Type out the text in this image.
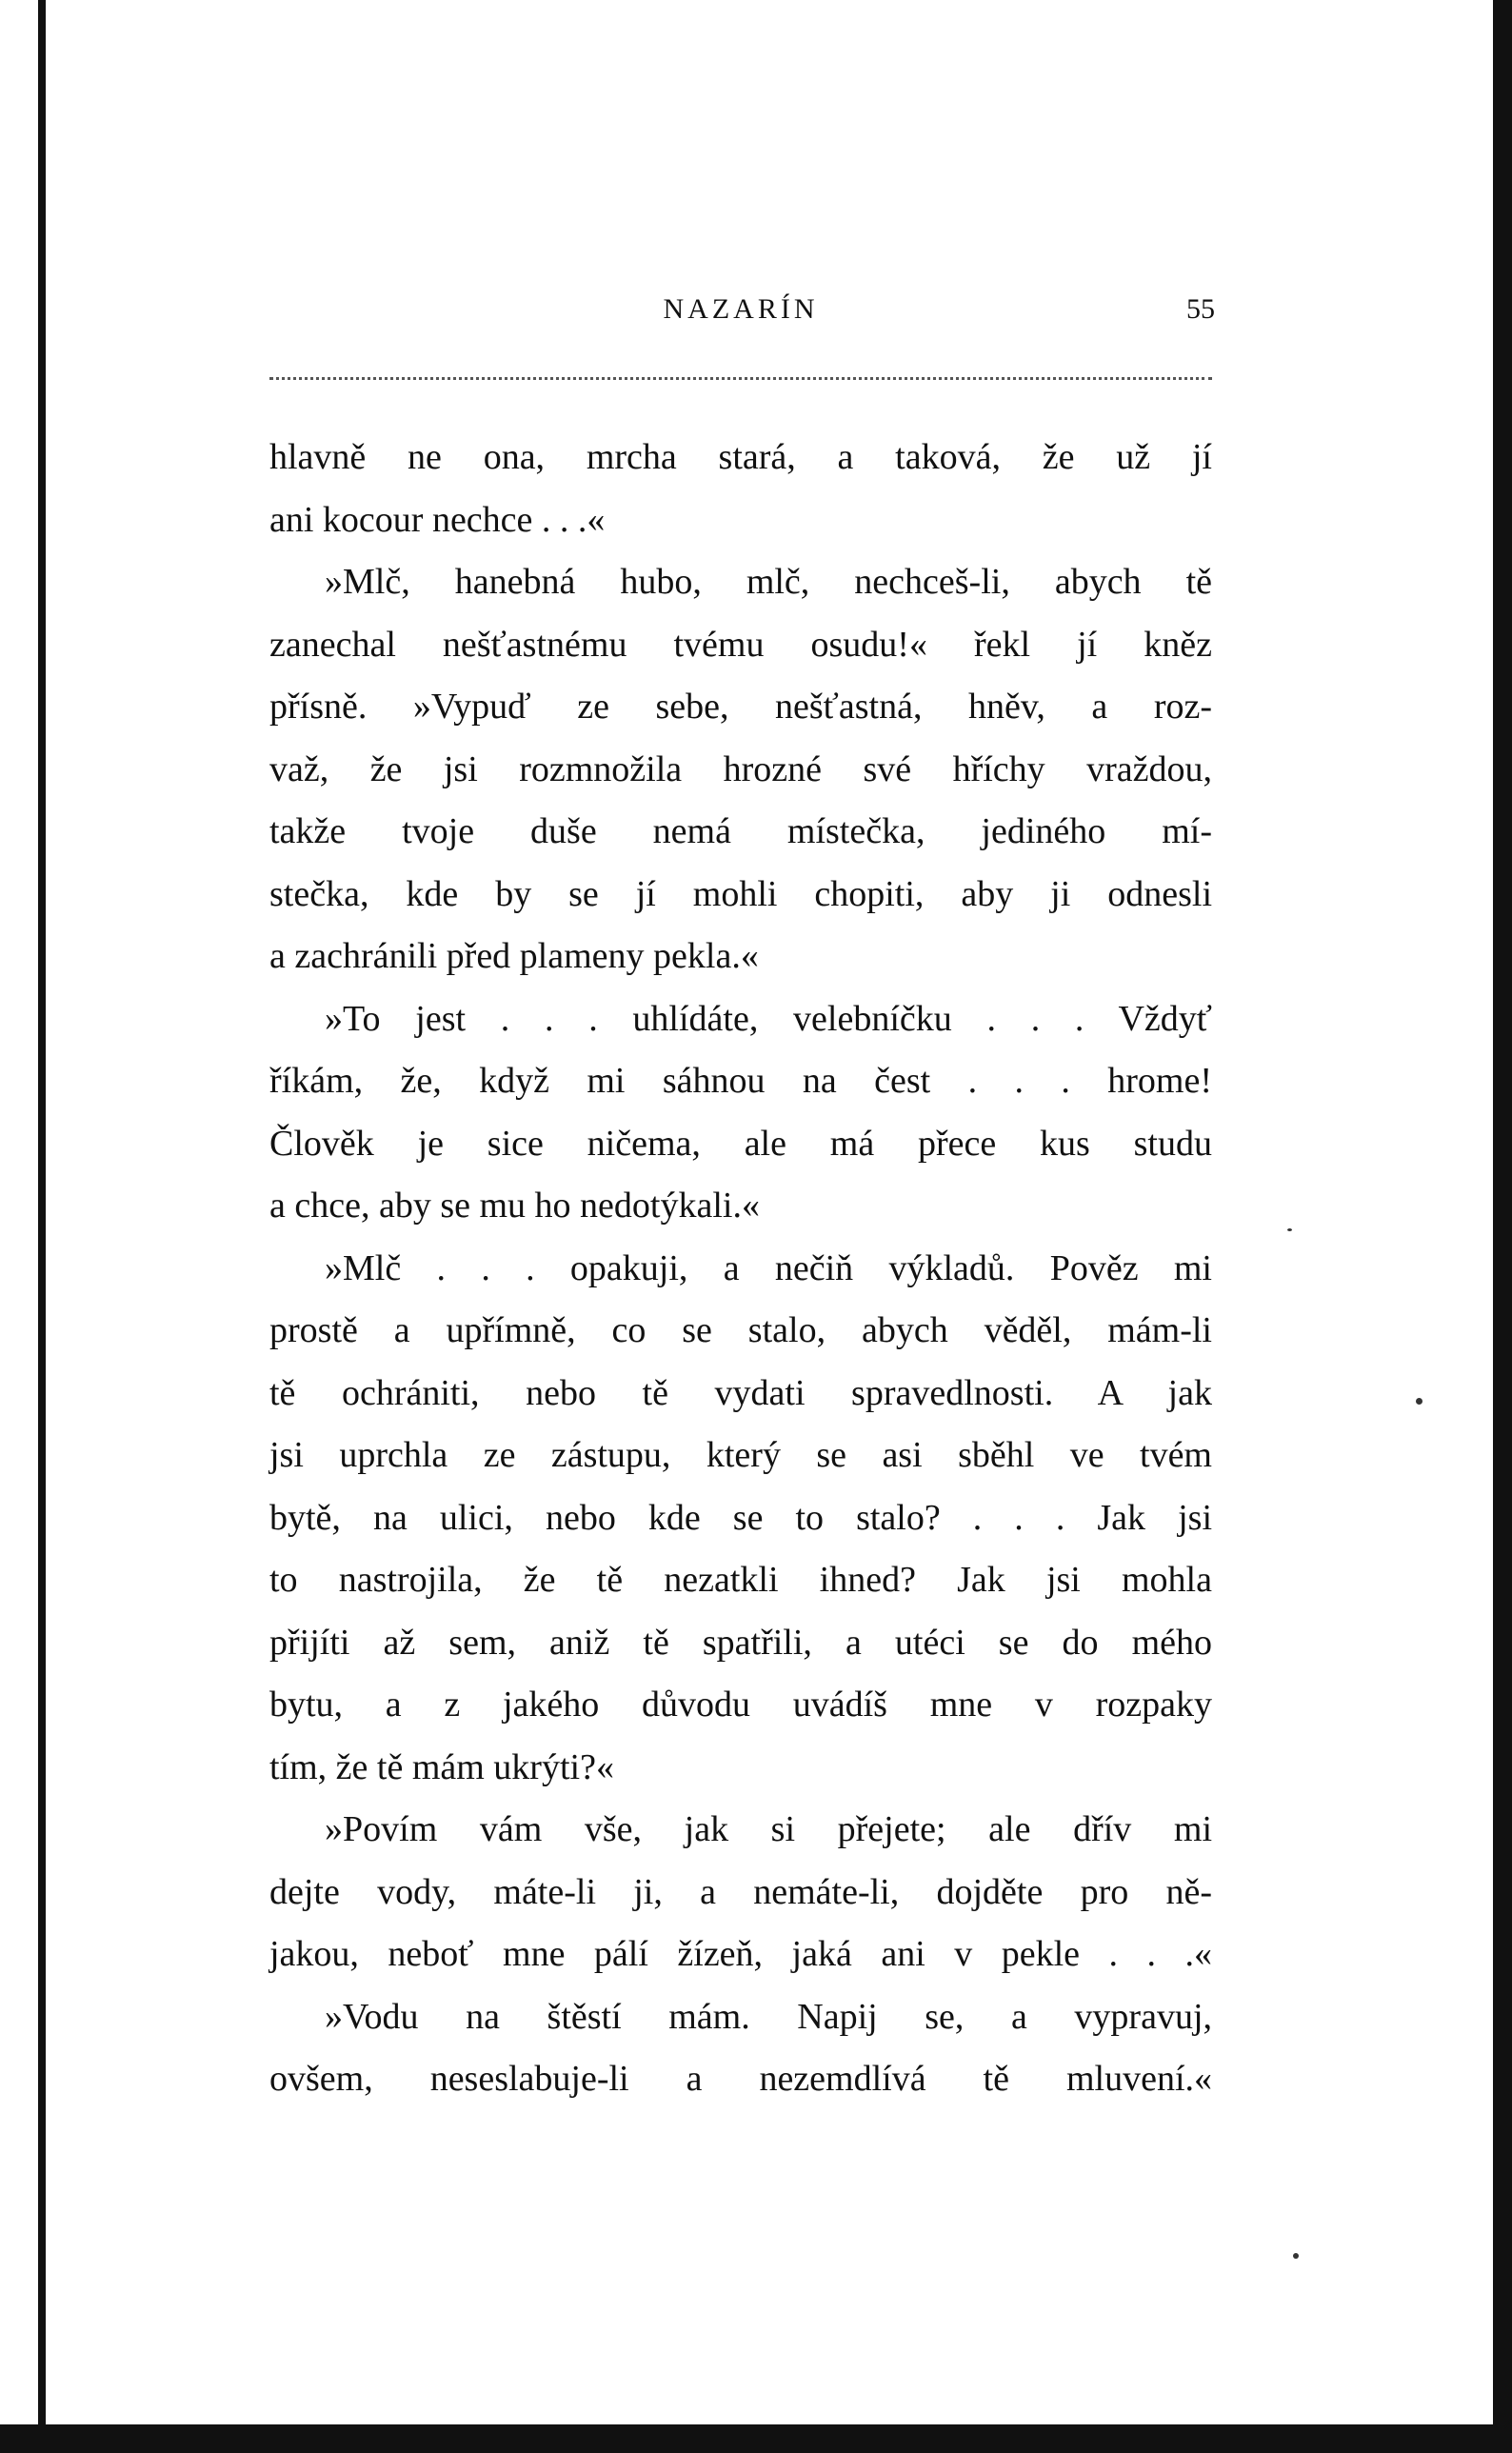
NAZARÍN	55
hlavně ne ona, mrcha stará, a taková, že už jí
ani kocour nechce . . .«
»Mlč, hanebná hubo, mlč, nechceš-li, abych tě
zanechal nešťastnému tvému osudu!« řekl jí kněz
přísně. »Vypuď ze sebe, nešťastná, hněv, a roz-
važ, že jsi rozmnožila hrozné své hříchy vraždou,
takže tvoje duše nemá místečka, jediného mí-
stečka, kde by se jí mohli chopiti, aby ji odnesli
a zachránili před plameny pekla.«
»To jest . . . uhlídáte, velebníčku . . . Vždyť
říkám, že, když mi sáhnou na čest . . . hrome!
Člověk je sice ničema, ale má přece kus studu
a chce, aby se mu ho nedotýkali.«
»Mlč . . . opakuji, a nečiň výkladů. Pověz mi
prostě a upřímně, co se stalo, abych věděl, mám-li
tě ochrániti, nebo tě vydati spravedlnosti. A jak
jsi uprchla ze zástupu, který se asi sběhl ve tvém
bytě, na ulici, nebo kde se to stalo? . . . Jak jsi
to nastrojila, že tě nezatkli ihned? Jak jsi mohla
přijíti až sem, aniž tě spatřili, a utéci se do mého
bytu, a z jakého důvodu uvádíš mne v rozpaky
tím, že tě mám ukrýti?«
»Povím vám vše, jak si přejete; ale dřív mi
dejte vody, máte-li ji, a nemáte-li, dojděte pro ně-
jakou, neboť mne pálí žízeň, jaká ani v pekle . . .«
»Vodu na štěstí mám. Napij se, a vypravuj,
ovšem, neseslabuje-li a nezemdlívá tě mluvení.«
